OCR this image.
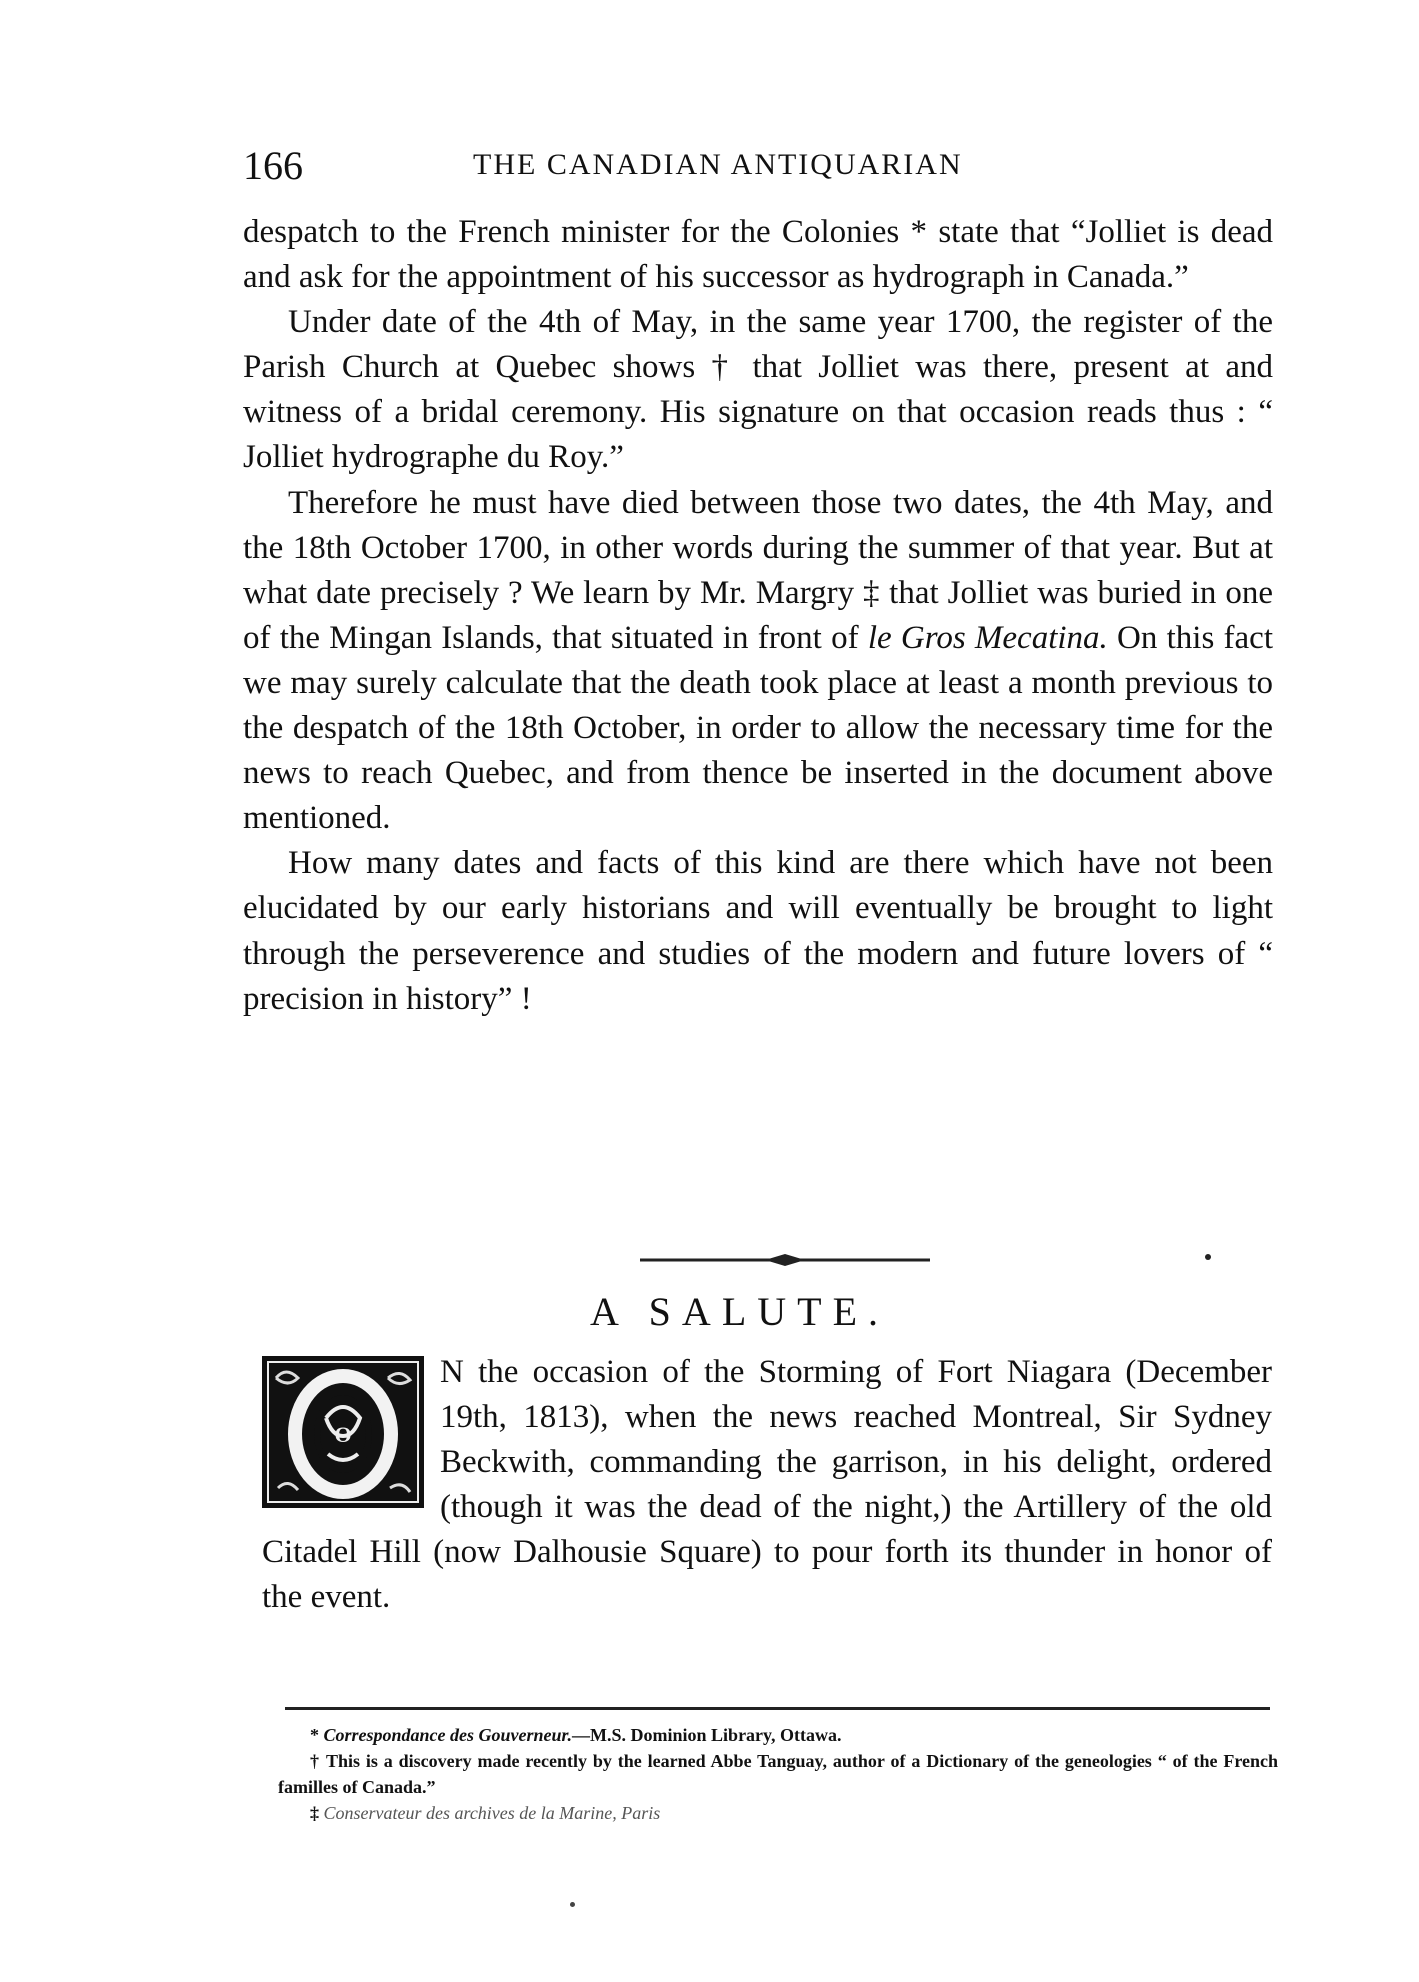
166	THE CANADIAN ANTIQUARIAN

despatch to the French minister for the Colonies * state that “Jolliet is dead and ask for the appointment of his successor as hydrograph in Canada.”

Under date of the 4th of May, in the same year 1700, the register of the Parish Church at Quebec shows † that Jolliet was there, present at and witness of a bridal ceremony. His signature on that occasion reads thus : “ Jolliet hydrographe du Roy.”

Therefore he must have died between those two dates, the 4th May, and the 18th October 1700, in other words during the summer of that year. But at what date precisely ? We learn by Mr. Margry ‡ that Jolliet was buried in one of the Mingan Islands, that situated in front of le Gros Mecatina. On this fact we may surely calculate that the death took place at least a month previous to the despatch of the 18th October, in order to allow the necessary time for the news to reach Quebec, and from thence be inserted in the document above mentioned.

How many dates and facts of this kind are there which have not been elucidated by our early historians and will eventually be brought to light through the perseverence and studies of the modern and future lovers of “ precision in history” !

A SALUTE.
O

N the occasion of the Storming of Fort Niagara (December 19th, 1813), when the news reached Montreal, Sir Sydney Beckwith, commanding the garrison, in his delight, ordered (though it was the dead of the night,) the Artillery of the old Citadel Hill (now Dalhousie Square) to pour forth its thunder in honor of the event.

* Correspondance des Gouverneur.—M.S. Dominion Library, Ottawa.

† This is a discovery made recently by the learned Abbe Tanguay, author of a Dictionary of the geneologies “ of the French familles of Canada.”

‡ Conservateur des archives de la Marine, Paris
